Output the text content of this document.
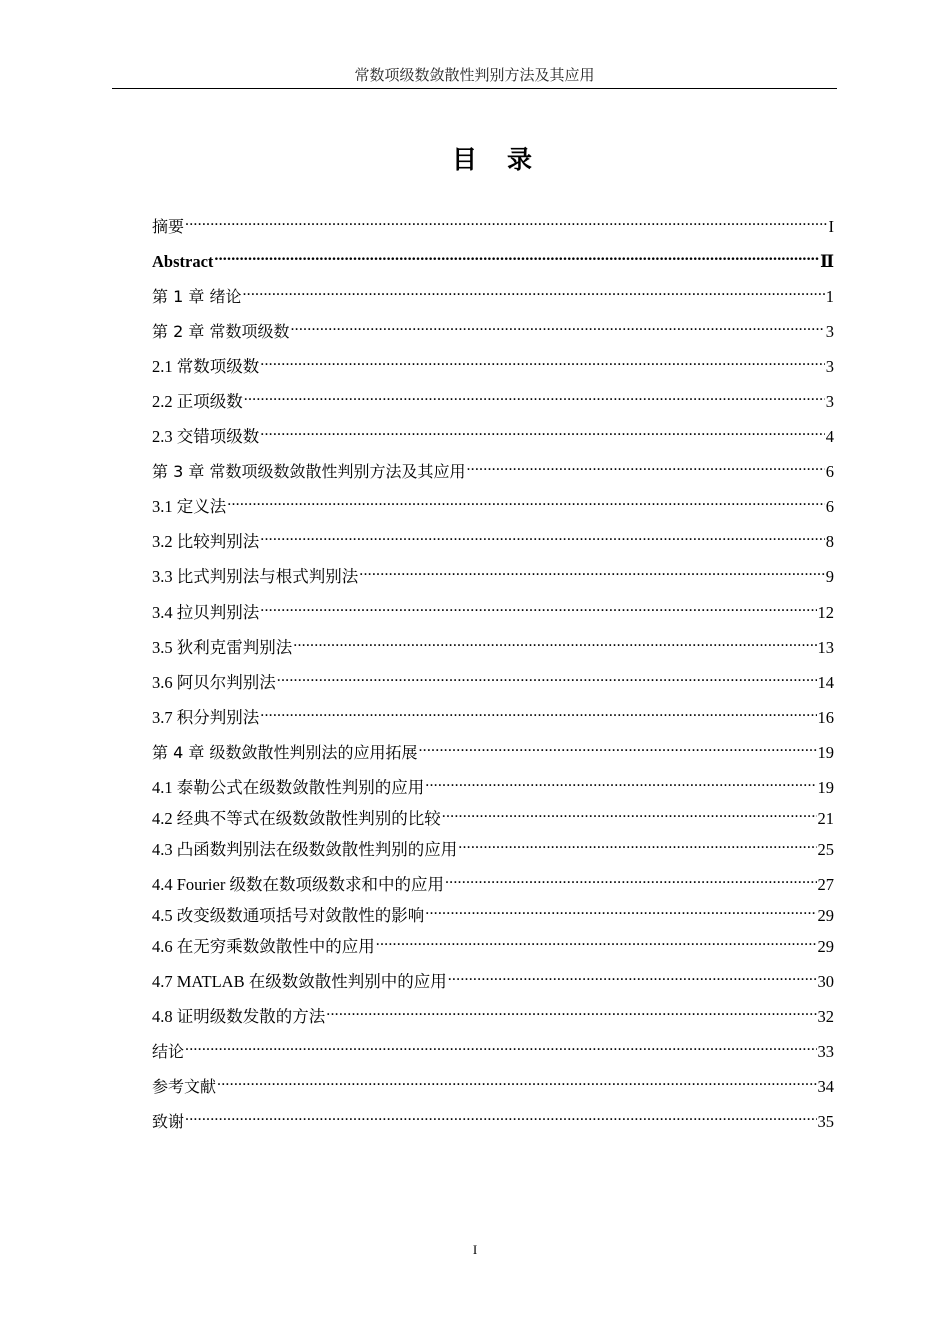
常数项级数敛散性判别方法及其应用
目录
摘要 .....	I
Abstract .....	Ⅱ
第 1 章 绪论 .....	1
第 2 章 常数项级数 .....	3
2.1 常数项级数 .....	3
2.2 正项级数 .....	3
2.3 交错项级数 .....	4
第 3 章 常数项级数敛散性判别方法及其应用 .....	6
3.1 定义法 .....	6
3.2 比较判别法 .....	8
3.3 比式判别法与根式判别法 .....	9
3.4 拉贝判别法 .....	12
3.5 狄利克雷判别法 .....	13
3.6 阿贝尔判别法 .....	14
3.7 积分判别法 .....	16
第 4 章 级数敛散性判别法的应用拓展 .....	19
4.1 泰勒公式在级数敛散性判别的应用 .....	19
4.2 经典不等式在级数敛散性判别的比较 .....	21
4.3 凸函数判别法在级数敛散性判别的应用 .....	25
4.4 Fourier 级数在数项级数求和中的应用 .....	27
4.5 改变级数通项括号对敛散性的影响 .....	29
4.6 在无穷乘数敛散性中的应用 .....	29
4.7 MATLAB 在级数敛散性判别中的应用 .....	30
4.8 证明级数发散的方法 .....	32
结论 .....	33
参考文献 .....	34
致谢 .....	35
I
